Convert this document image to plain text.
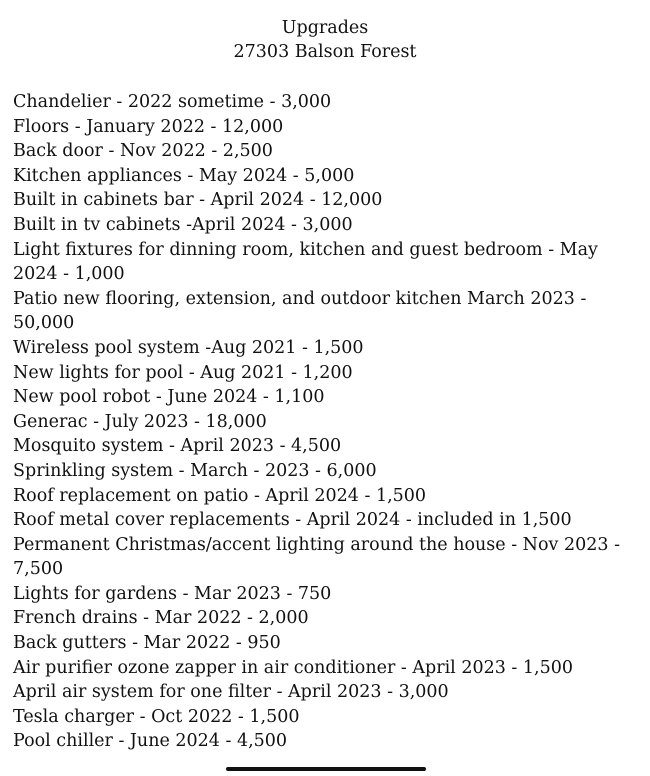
Upgrades
27303 Balson Forest
Chandelier - 2022 sometime - 3,000
Floors - January 2022 - 12,000
Back door - Nov 2022 - 2,500
Kitchen appliances - May 2024 - 5,000
Built in cabinets bar - April 2024 - 12,000
Built in tv cabinets -April 2024 - 3,000
Light fixtures for dinning room, kitchen and guest bedroom - May 2024 - 1,000
Patio new flooring, extension, and outdoor kitchen March 2023 - 50,000
Wireless pool system -Aug 2021 - 1,500
New lights for pool - Aug 2021 - 1,200
New pool robot - June 2024 - 1,100
Generac - July 2023 - 18,000
Mosquito system - April 2023 - 4,500
Sprinkling system - March - 2023 - 6,000
Roof replacement on patio - April 2024 - 1,500
Roof metal cover replacements - April 2024 - included in 1,500
Permanent Christmas/accent lighting around the house - Nov 2023 - 7,500
Lights for gardens - Mar 2023 - 750
French drains - Mar 2022 - 2,000
Back gutters - Mar 2022 - 950
Air purifier ozone zapper in air conditioner - April 2023 - 1,500
April air system for one filter - April 2023 - 3,000
Tesla charger - Oct 2022 - 1,500
Pool chiller - June 2024 - 4,500
